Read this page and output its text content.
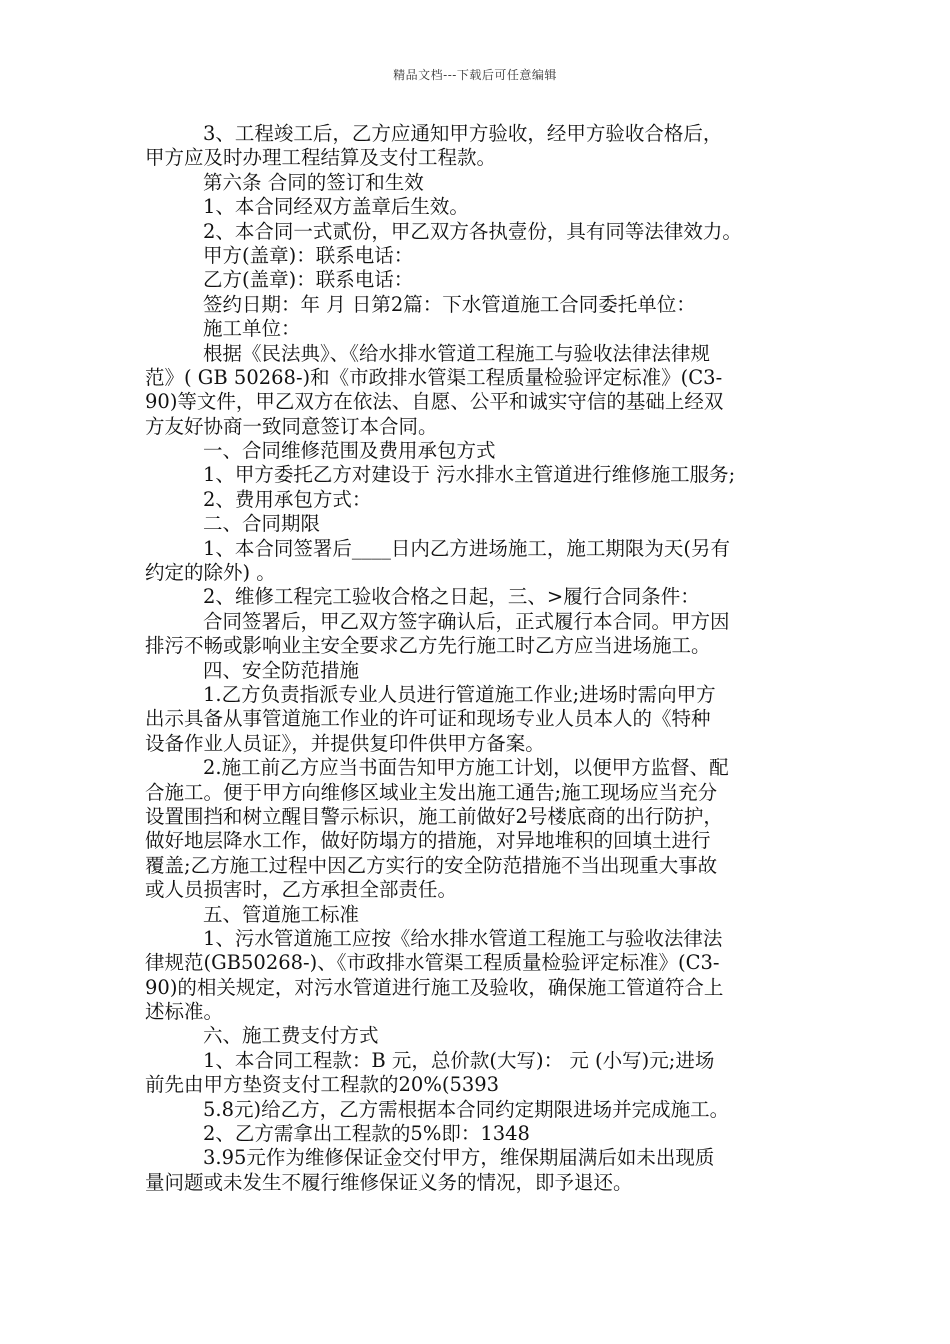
精品文档---下载后可任意编辑
3、工程竣工后，乙方应通知甲方验收，经甲方验收合格后，
甲方应及时办理工程结算及支付工程款。
第六条 合同的签订和生效
1、本合同经双方盖章后生效。
2、本合同一式贰份，甲乙双方各执壹份，具有同等法律效力。
甲方(盖章)：联系电话：
乙方(盖章)：联系电话：
签约日期：年 月 日第2篇：下水管道施工合同委托单位：
施工单位：
根据《民法典》、《给水排水管道工程施工与验收法律法律规
范》( GB 50268-)和《市政排水管渠工程质量检验评定标准》(C3-
90)等文件，甲乙双方在依法、自愿、公平和诚实守信的基础上经双
方友好协商一致同意签订本合同。
一、合同维修范围及费用承包方式
1、甲方委托乙方对建设于 污水排水主管道进行维修施工服务;
2、费用承包方式：
二、合同期限
1、本合同签署后____日内乙方进场施工，施工期限为天(另有
约定的除外) 。
2、维修工程完工验收合格之日起，三、>履行合同条件：
合同签署后，甲乙双方签字确认后，正式履行本合同。甲方因
排污不畅或影响业主安全要求乙方先行施工时乙方应当进场施工。
四、安全防范措施
1.乙方负责指派专业人员进行管道施工作业;进场时需向甲方
出示具备从事管道施工作业的许可证和现场专业人员本人的《特种
设备作业人员证》，并提供复印件供甲方备案。
2.施工前乙方应当书面告知甲方施工计划，以便甲方监督、配
合施工。便于甲方向维修区域业主发出施工通告;施工现场应当充分
设置围挡和树立醒目警示标识，施工前做好2号楼底商的出行防护，
做好地层降水工作，做好防塌方的措施，对异地堆积的回填土进行
覆盖;乙方施工过程中因乙方实行的安全防范措施不当出现重大事故
或人员损害时，乙方承担全部责任。
五、管道施工标准
1、污水管道施工应按《给水排水管道工程施工与验收法律法
律规范(GB50268-)、《市政排水管渠工程质量检验评定标准》(C3-
90)的相关规定，对污水管道进行施工及验收，确保施工管道符合上
述标准。
六、施工费支付方式
1、本合同工程款：B 元，总价款(大写)： 元 (小写)元;进场
前先由甲方垫资支付工程款的20%(5393
5.8元)给乙方，乙方需根据本合同约定期限进场并完成施工。
2、乙方需拿出工程款的5%即：1348
3.95元作为维修保证金交付甲方，维保期届满后如未出现质
量问题或未发生不履行维修保证义务的情况，即予退还。
